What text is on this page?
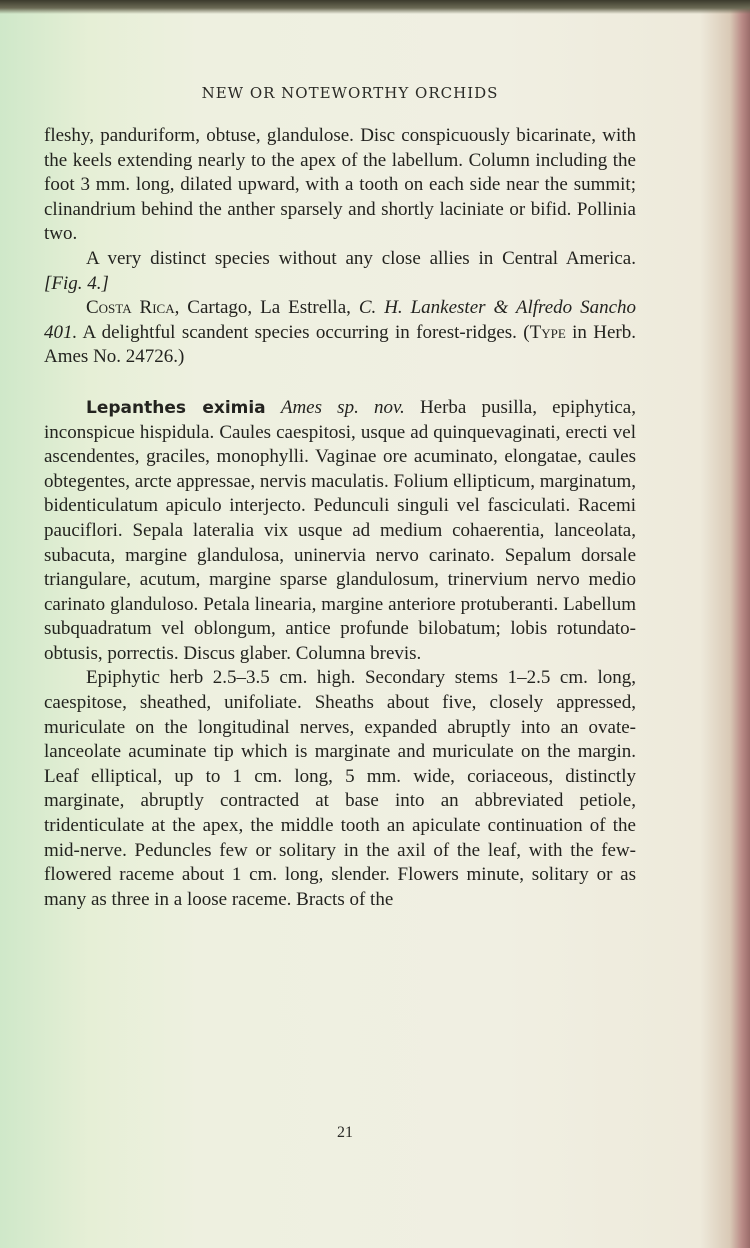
NEW OR NOTEWORTHY ORCHIDS

fleshy, panduriform, obtuse, glandulose. Disc conspicuously bicarinate, with the keels extending nearly to the apex of the labellum. Column including the foot 3 mm. long, dilated upward, with a tooth on each side near the summit; clinandrium behind the anther sparsely and shortly laciniate or bifid. Pollinia two.

A very distinct species without any close allies in Central America. [Fig. 4.]

Costa Rica, Cartago, La Estrella, C. H. Lankester & Alfredo Sancho 401. A delightful scandent species occurring in forest-ridges. (Type in Herb. Ames No. 24726.)

Lepanthes eximia Ames sp. nov. Herba pusilla, epiphytica, inconspicue hispidula. Caules caespitosi, usque ad quinquevaginati, erecti vel ascendentes, graciles, monophylli. Vaginae ore acuminato, elongatae, caules obtegentes, arcte appressae, nervis maculatis. Folium ellipticum, marginatum, bidenticulatum apiculo interjecto. Pedunculi singuli vel fasciculati. Racemi pauciflori. Sepala lateralia vix usque ad medium cohaerentia, lanceolata, subacuta, margine glandulosa, uninervia nervo carinato. Sepalum dorsale triangulare, acutum, margine sparse glandulosum, trinervium nervo medio carinato glanduloso. Petala linearia, margine anteriore protuberanti. Labellum subquadratum vel oblongum, antice profunde bilobatum; lobis rotundato-obtusis, porrectis. Discus glaber. Columna brevis.

Epiphytic herb 2.5–3.5 cm. high. Secondary stems 1–2.5 cm. long, caespitose, sheathed, unifoliate. Sheaths about five, closely appressed, muriculate on the longitudinal nerves, expanded abruptly into an ovate-lanceolate acuminate tip which is marginate and muriculate on the margin. Leaf elliptical, up to 1 cm. long, 5 mm. wide, coriaceous, distinctly marginate, abruptly contracted at base into an abbreviated petiole, tridenticulate at the apex, the middle tooth an apiculate continuation of the mid-nerve. Peduncles few or solitary in the axil of the leaf, with the few-flowered raceme about 1 cm. long, slender. Flowers minute, solitary or as many as three in a loose raceme. Bracts of the

21
